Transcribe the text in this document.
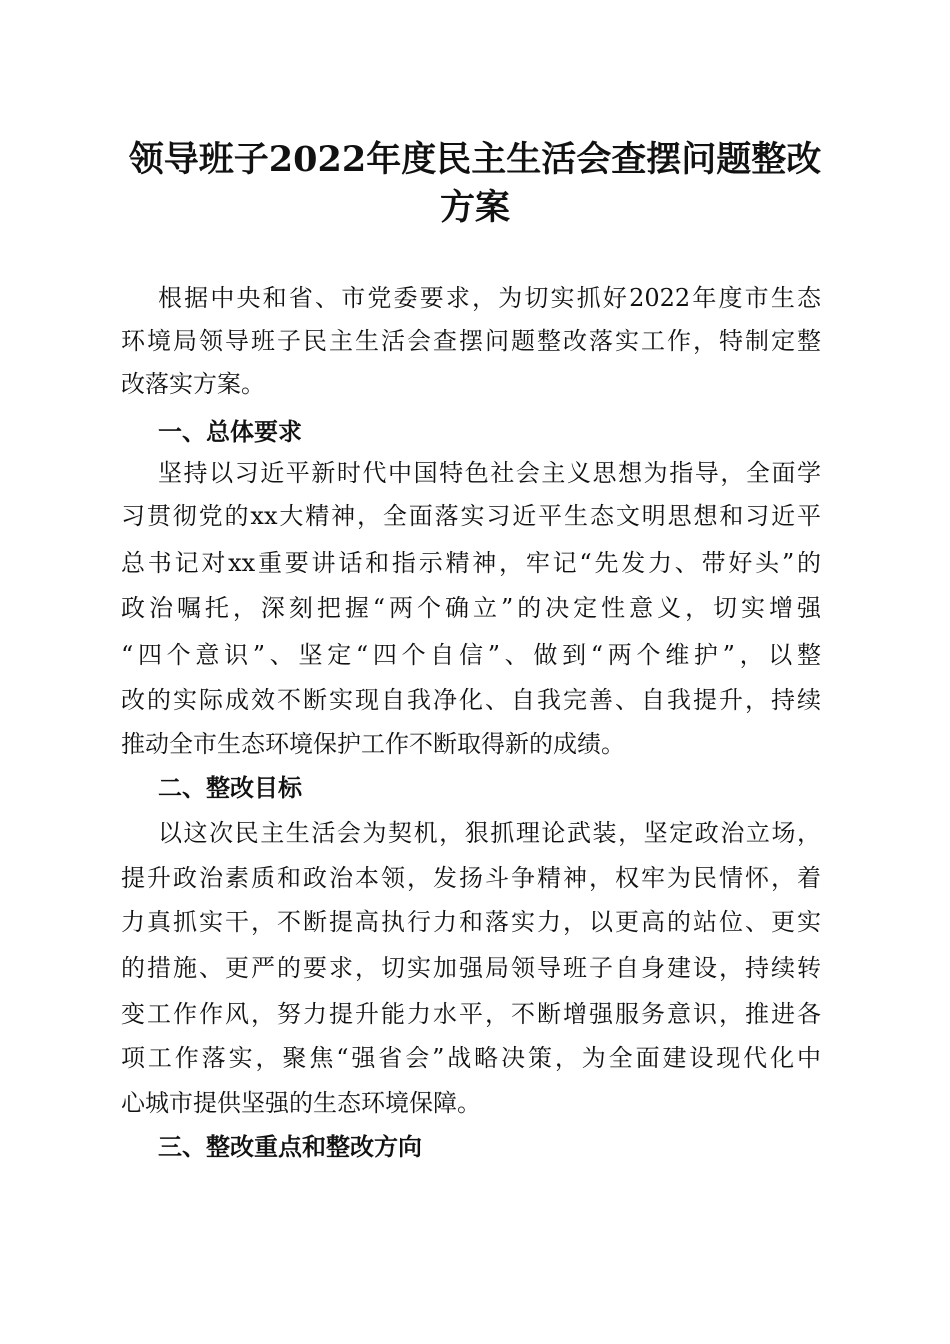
领导班子2022年度民主生活会查摆问题整改
方案
根据中央和省、市党委要求，为切实抓好2022年度市生态
环境局领导班子民主生活会查摆问题整改落实工作，特制定整
改落实方案。
一、总体要求
坚持以习近平新时代中国特色社会主义思想为指导，全面学
习贯彻党的xx大精神，全面落实习近平生态文明思想和习近平
总书记对xx重要讲话和指示精神，牢记“先发力、带好头”的
政治嘱托，深刻把握“两个确立”的决定性意义，切实增强
“四个意识”、坚定“四个自信”、做到“两个维护”，以整
改的实际成效不断实现自我净化、自我完善、自我提升，持续
推动全市生态环境保护工作不断取得新的成绩。
二、整改目标
以这次民主生活会为契机，狠抓理论武装，坚定政治立场，
提升政治素质和政治本领，发扬斗争精神，权牢为民情怀，着
力真抓实干，不断提高执行力和落实力，以更高的站位、更实
的措施、更严的要求，切实加强局领导班子自身建设，持续转
变工作作风，努力提升能力水平，不断增强服务意识，推进各
项工作落实，聚焦“强省会”战略决策，为全面建设现代化中
心城市提供坚强的生态环境保障。
三、整改重点和整改方向
